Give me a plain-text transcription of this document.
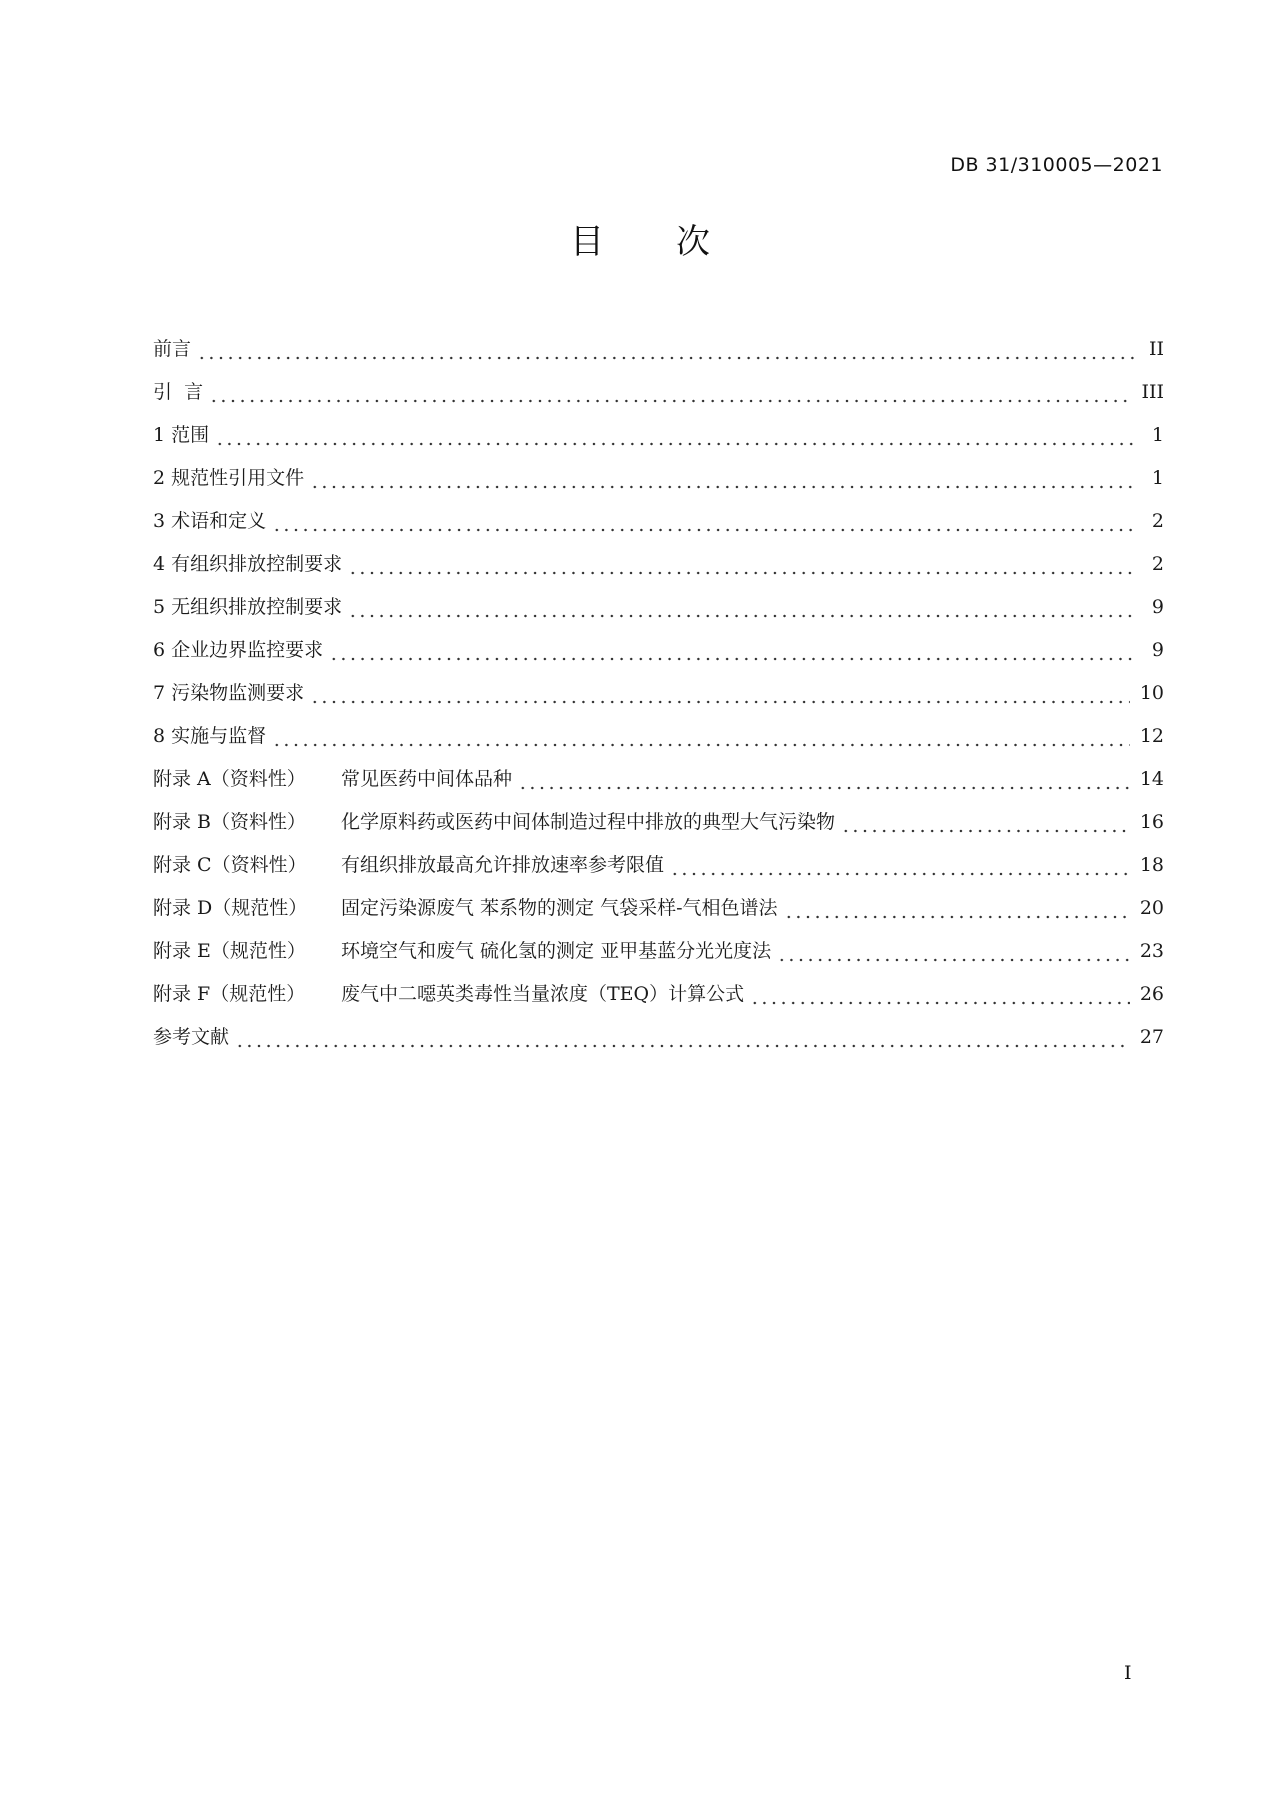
DB 31/310005—2021
目 次
前言	II
引  言	III
1 范围	1
2 规范性引用文件	1
3 术语和定义	2
4 有组织排放控制要求	2
5 无组织排放控制要求	9
6 企业边界监控要求	9
7 污染物监测要求	10
8 实施与监督	12
附录 A（资料性） 常见医药中间体品种	14
附录 B（资料性） 化学原料药或医药中间体制造过程中排放的典型大气污染物	16
附录 C（资料性） 有组织排放最高允许排放速率参考限值	18
附录 D（规范性） 固定污染源废气 苯系物的测定 气袋采样-气相色谱法	20
附录 E（规范性） 环境空气和废气 硫化氢的测定 亚甲基蓝分光光度法	23
附录 F（规范性） 废气中二噁英类毒性当量浓度（TEQ）计算公式	26
参考文献	27
I
